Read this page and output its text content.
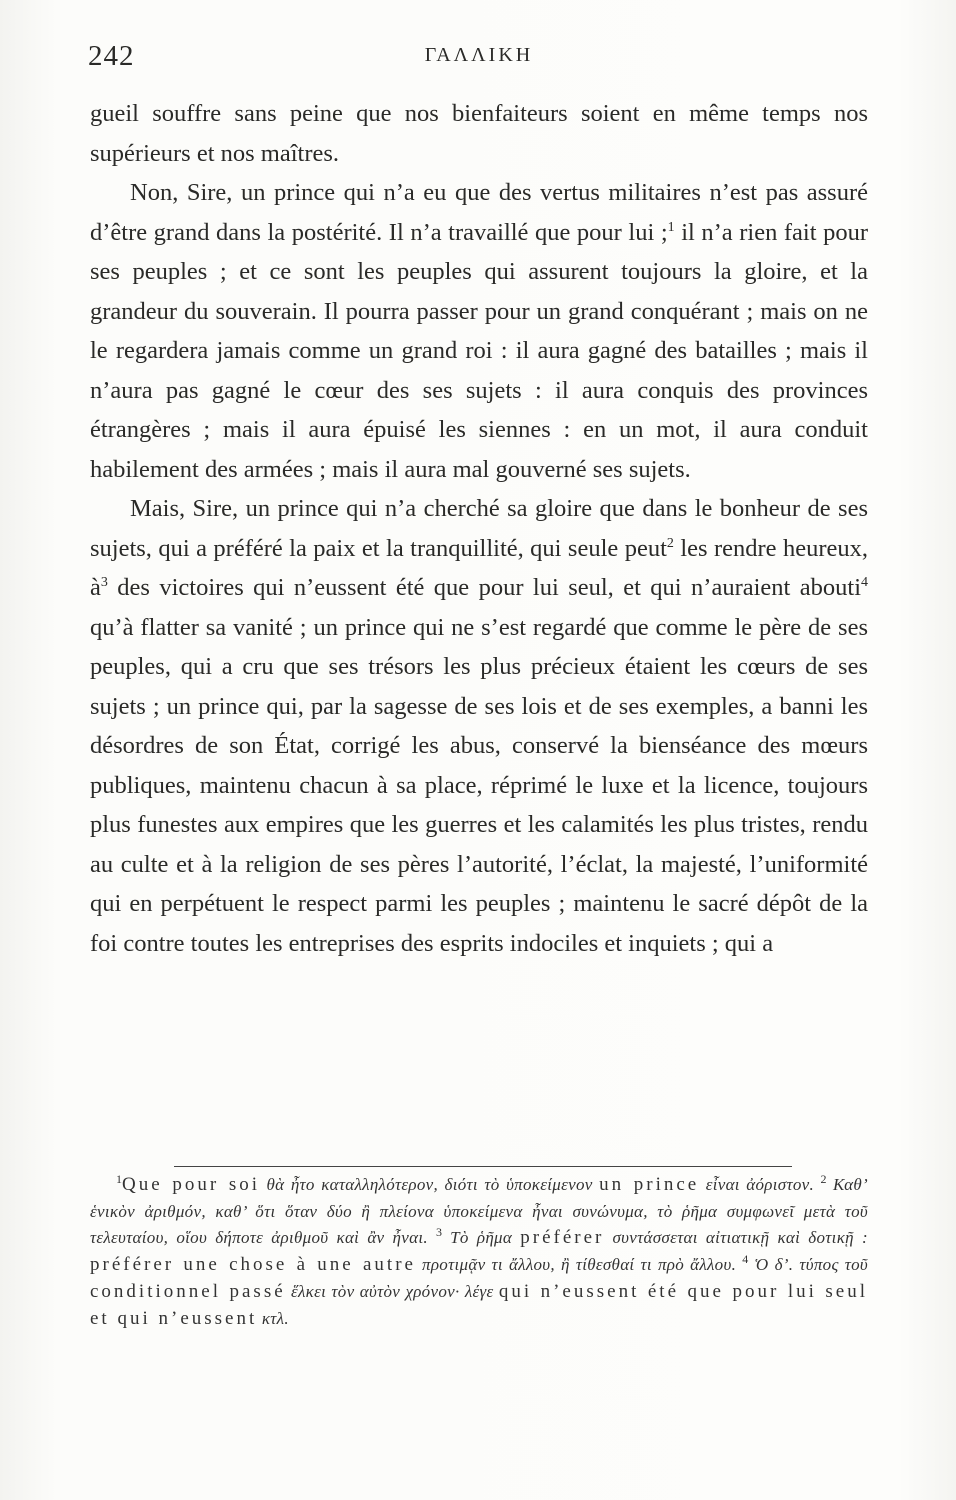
242	ΓΑΛΛΙΚΗ

gueil souffre sans peine que nos bienfaiteurs soient en même temps nos supérieurs et nos maîtres.

Non, Sire, un prince qui n’a eu que des vertus militaires n’est pas assuré d’être grand dans la postérité. Il n’a travaillé que pour lui ;$^1$ il n’a rien fait pour ses peuples ; et ce sont les peuples qui assurent toujours la gloire, et la grandeur du souverain. Il pourra passer pour un grand conquérant ; mais on ne le regardera jamais comme un grand roi : il aura gagné des batailles ; mais il n’aura pas gagné le cœur des ses sujets : il aura conquis des provinces étrangères ; mais il aura épuisé les siennes : en un mot, il aura conduit habilement des armées ; mais il aura mal gouverné ses sujets.

Mais, Sire, un prince qui n’a cherché sa gloire que dans le bonheur de ses sujets, qui a préféré la paix et la tranquillité, qui seule peut$^2$ les rendre heureux, $à^3$ des victoires qui n’eussent été que pour lui seul, et qui n’auraient abouti$^4$ qu’à flatter sa vanité ; un prince qui ne s’est regardé que comme le père de ses peuples, qui a cru que ses trésors les plus précieux étaient les cœurs de ses sujets ; un prince qui, par la sagesse de ses lois et de ses exemples, a banni les désordres de son État, corrigé les abus, conservé la bienséance des mœurs publiques, maintenu chacun à sa place, réprimé le luxe et la licence, toujours plus funestes aux empires que les guerres et les calamités les plus tristes, rendu au culte et à la religion de ses pères l’autorité, l’éclat, la majesté, l’uniformité qui en perpétuent le respect parmi les peuples ; maintenu le sacré dépôt de la foi contre toutes les entreprises des esprits indociles et inquiets ; qui a

$^1$Que pour soi θὰ ἦτο καταλληλότερον, διότι τὸ ὑποκείμενον un prince εἶναι ἀόριστον. $^2$ Καθ’ ἑνικὸν ἀριθμόν, καθ’ ὅτι ὅταν δύο ἢ πλείονα ὑποκείμενα ἦναι συνώνυμα, τὸ ῥῆμα συμφωνεῖ μετὰ τοῦ τελευταίου, οἵου δήποτε ἀριθμοῦ καὶ ἂν ἦναι. $^3$ Τὸ ῥῆμα préférer συντάσσεται αἰτιατικῇ καὶ δοτικῇ : préférer une chose à une autre προτιμᾷν τι ἄλλου, ἢ τίθεσθαί τι πρὸ ἄλλου. $^4$ Ὁ δ’. τύπος τοῦ conditionnel passé ἕλκει τὸν αὐτὸν χρόνον· λέγε qui n’eussent été que pour lui seul et qui n’eussent κτλ.
